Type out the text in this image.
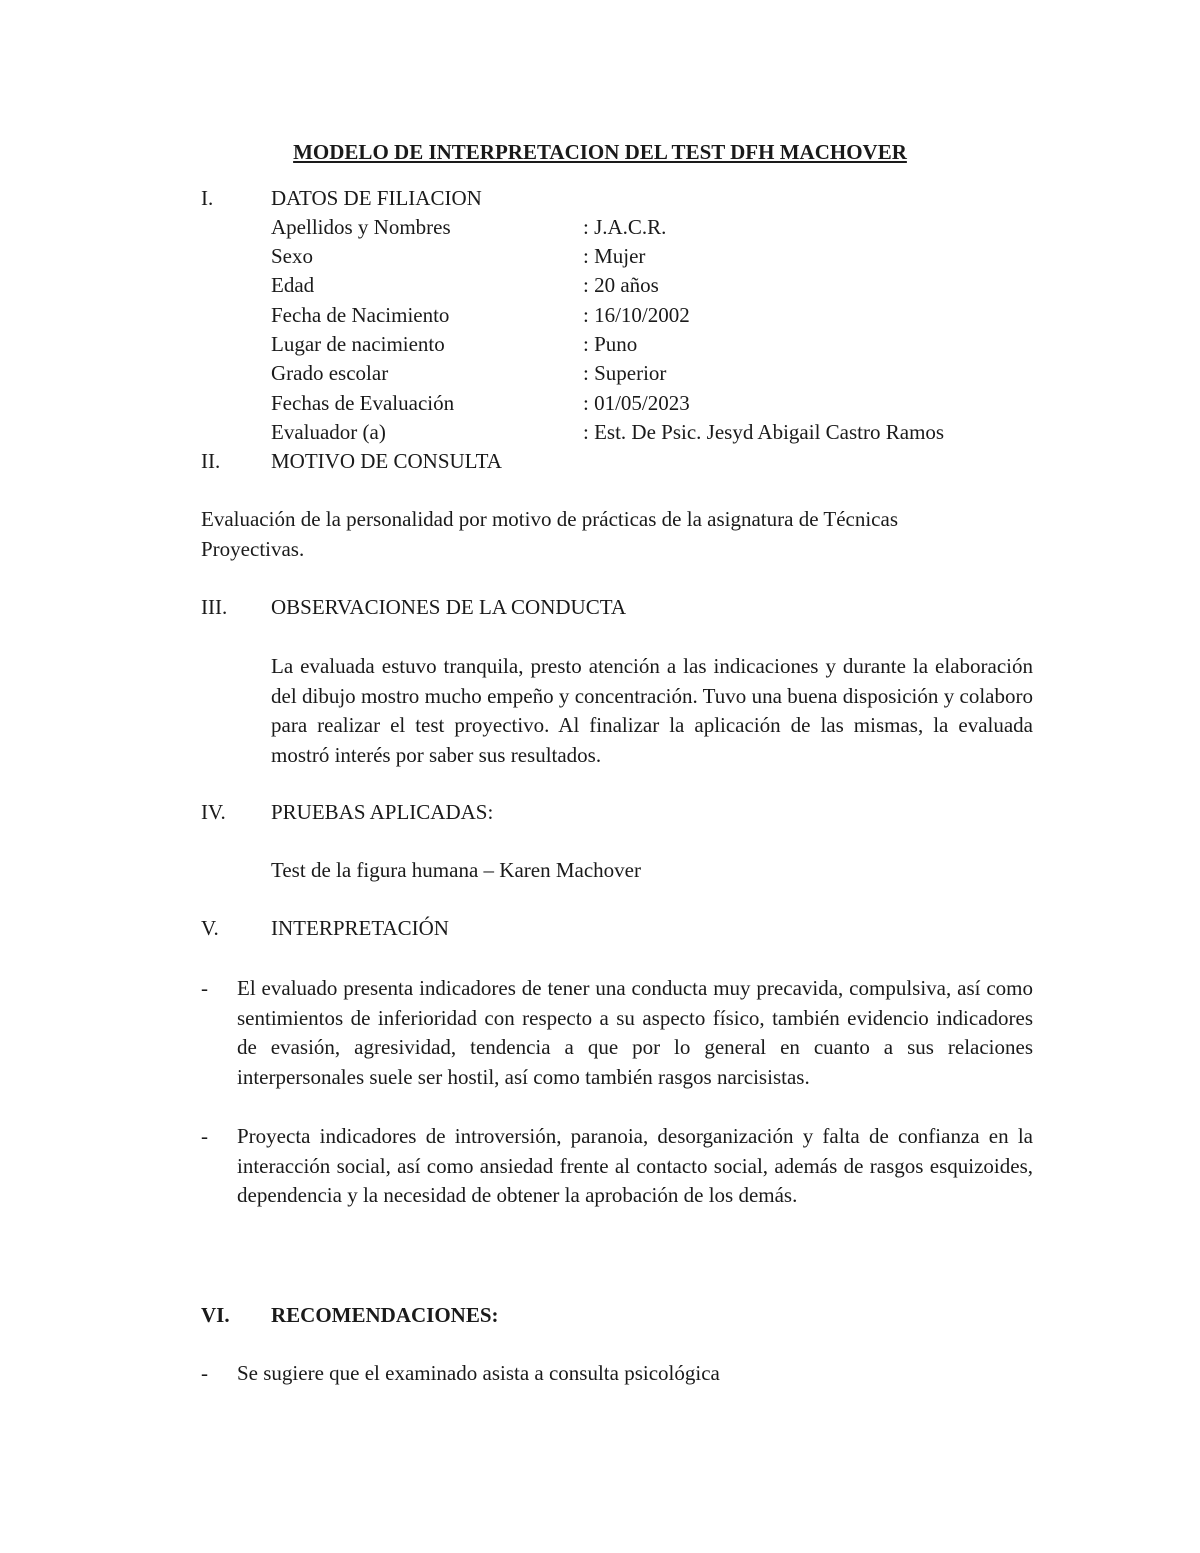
MODELO DE INTERPRETACION DEL TEST DFH MACHOVER
I.	DATOS DE FILIACION
Apellidos y Nombres	: J.A.C.R.
Sexo	: Mujer
Edad	: 20 años
Fecha de Nacimiento	: 16/10/2002
Lugar de nacimiento	: Puno
Grado escolar	: Superior
Fechas de Evaluación	: 01/05/2023
Evaluador (a)	: Est. De Psic. Jesyd Abigail Castro Ramos
II. MOTIVO DE CONSULTA

Evaluación de la personalidad por motivo de prácticas de la asignatura de Técnicas Proyectivas.

III. OBSERVACIONES DE LA CONDUCTA

La evaluada estuvo tranquila, presto atención a las indicaciones y durante la elaboración del dibujo mostro mucho empeño y concentración. Tuvo una buena disposición y colaboro para realizar el test proyectivo. Al finalizar la aplicación de las mismas, la evaluada mostró interés por saber sus resultados.

IV. PRUEBAS APLICADAS:
Test de la figura humana – Karen Machover
V. INTERPRETACIÓN
-	El evaluado presenta indicadores de tener una conducta muy precavida, compulsiva, así como sentimientos de inferioridad con respecto a su aspecto físico, también evidencio indicadores de evasión, agresividad, tendencia a que por lo general en cuanto a sus relaciones interpersonales suele ser hostil, así como también rasgos narcisistas.
-	Proyecta indicadores de introversión, paranoia, desorganización y falta de confianza en la interacción social, así como ansiedad frente al contacto social, además de rasgos esquizoides, dependencia y la necesidad de obtener la aprobación de los demás.
VI. RECOMENDACIONES:
-	Se sugiere que el examinado asista a consulta psicológica
